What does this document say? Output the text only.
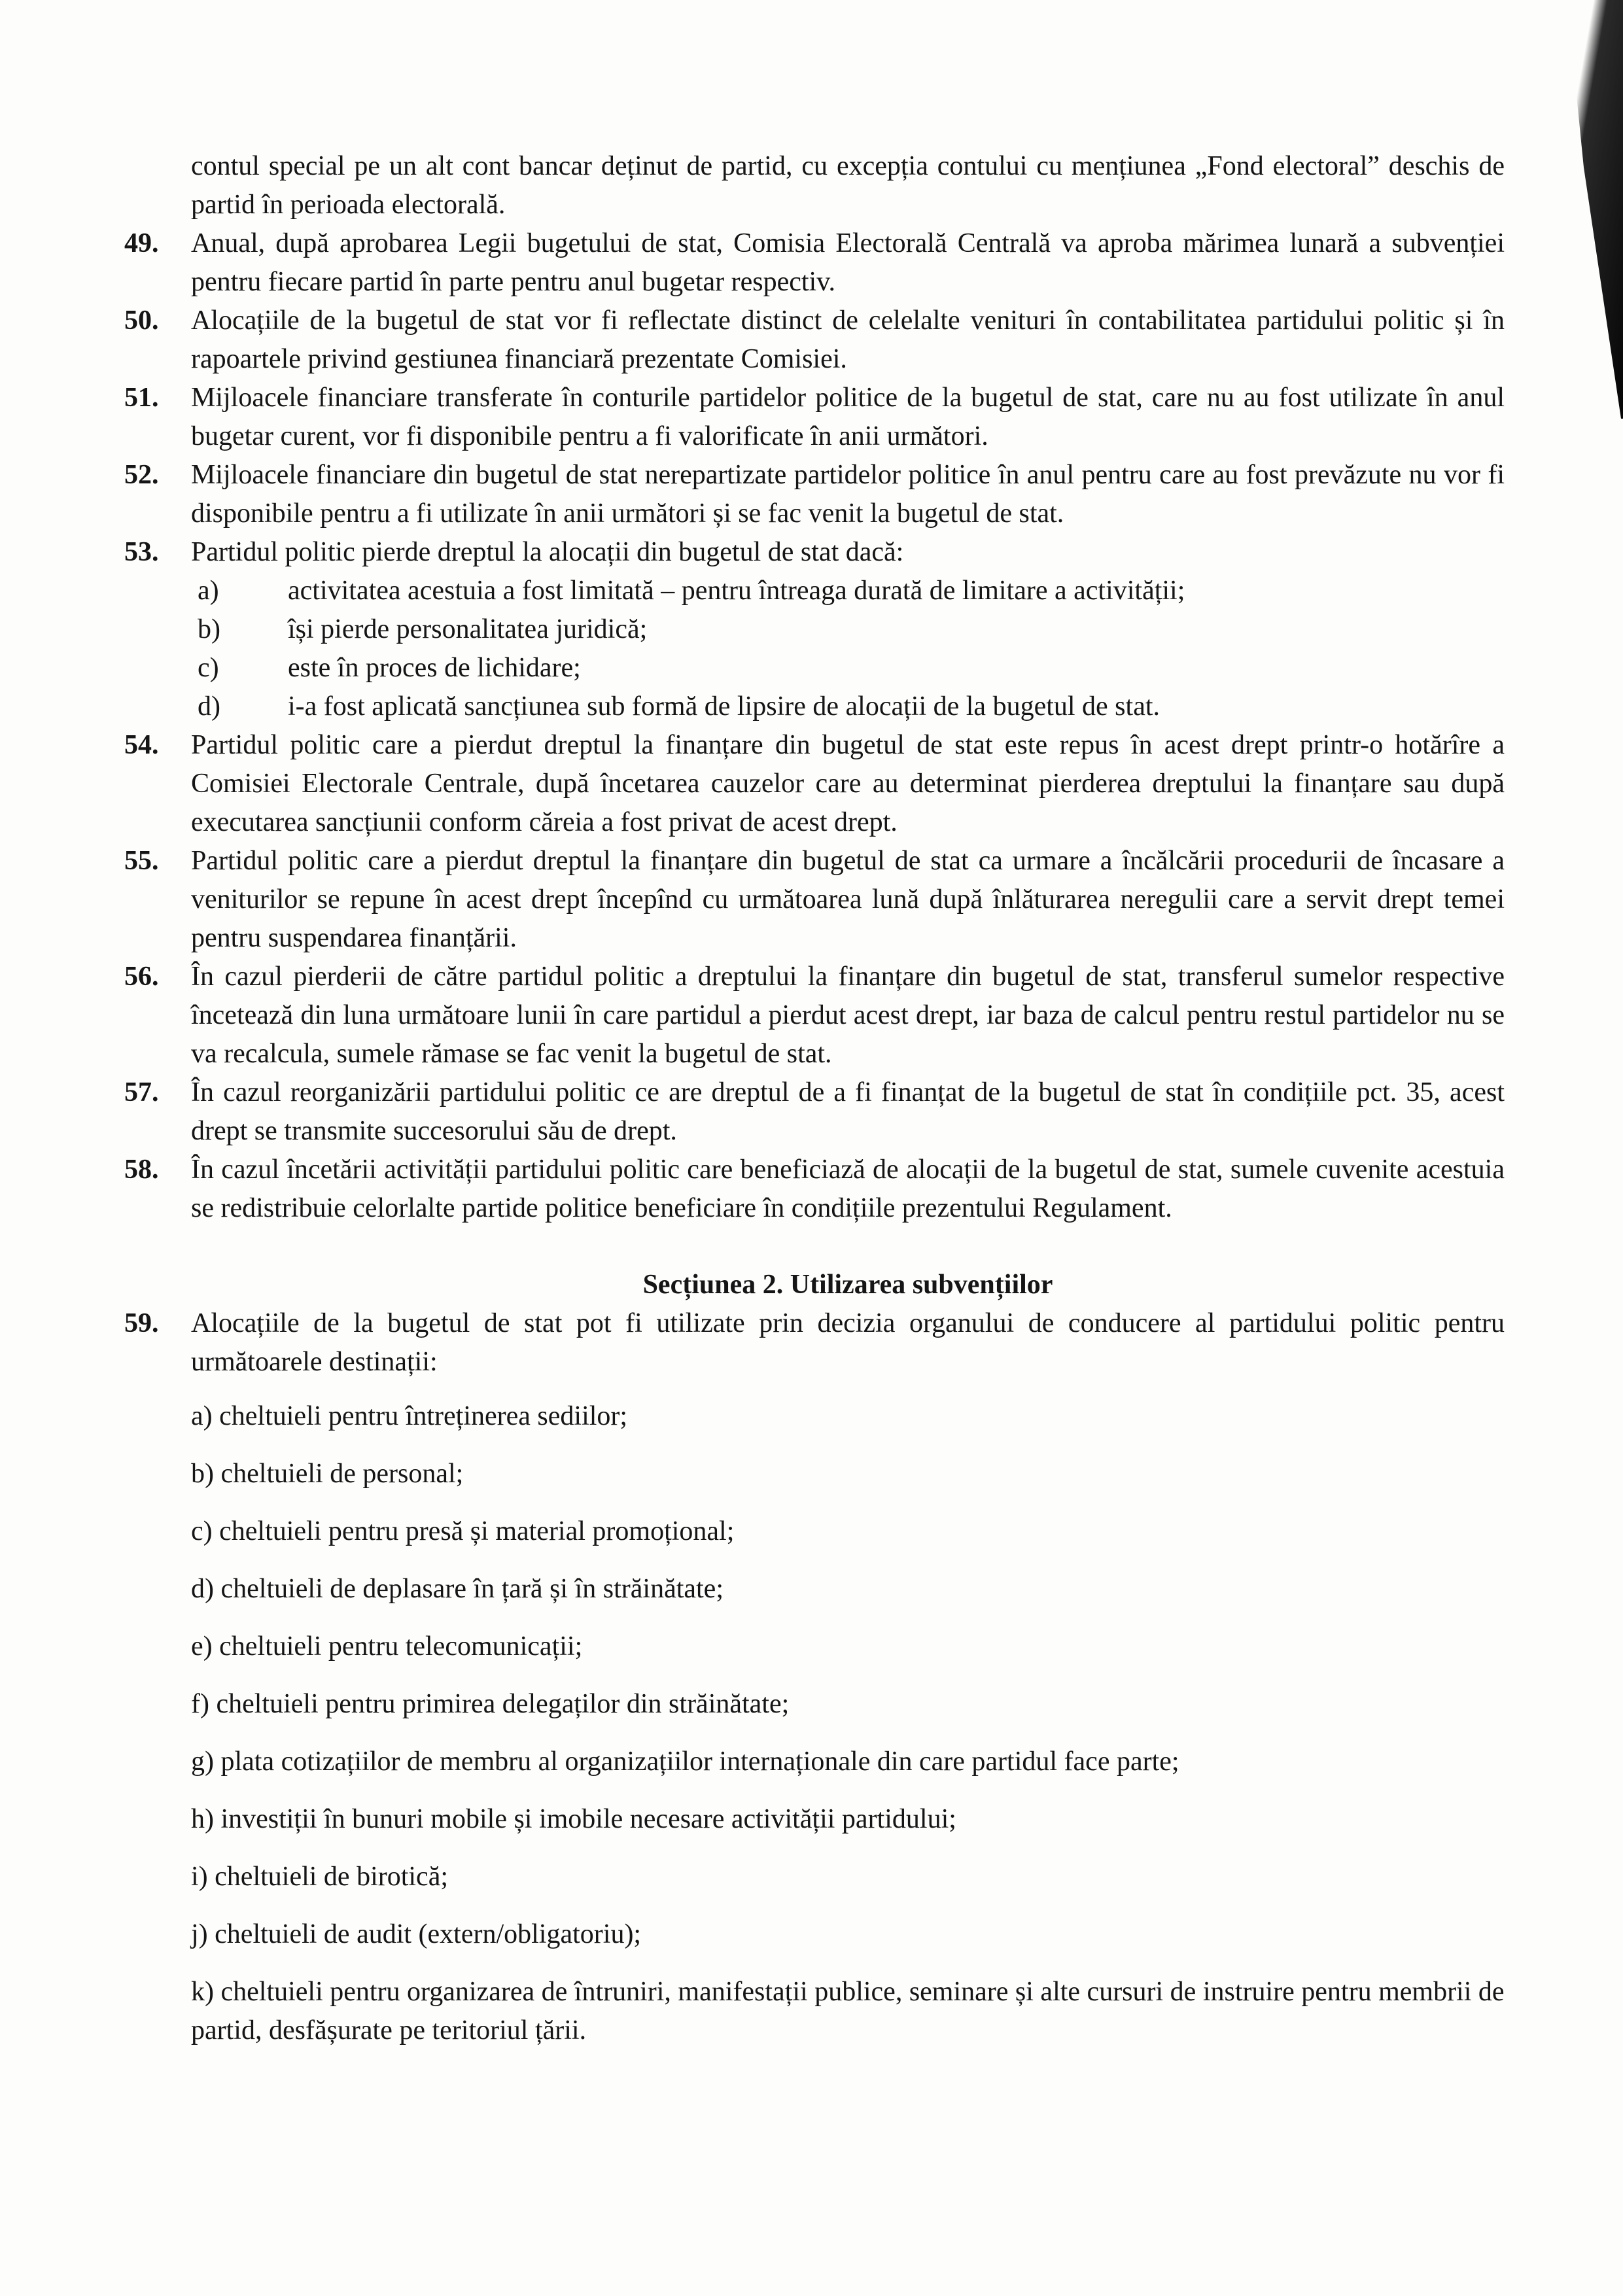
contul special pe un alt cont bancar deținut de partid, cu excepția contului cu mențiunea „Fond electoral” deschis de partid în perioada electorală.

49. Anual, după aprobarea Legii bugetului de stat, Comisia Electorală Centrală va aproba mărimea lunară a subvenției pentru fiecare partid în parte pentru anul bugetar respectiv.
50. Alocațiile de la bugetul de stat vor fi reflectate distinct de celelalte venituri în contabilitatea partidului politic și în rapoartele privind gestiunea financiară prezentate Comisiei.
51. Mijloacele financiare transferate în conturile partidelor politice de la bugetul de stat, care nu au fost utilizate în anul bugetar curent, vor fi disponibile pentru a fi valorificate în anii următori.
52. Mijloacele financiare din bugetul de stat nerepartizate partidelor politice în anul pentru care au fost prevăzute nu vor fi disponibile pentru a fi utilizate în anii următori și se fac venit la bugetul de stat.
53. Partidul politic pierde dreptul la alocații din bugetul de stat dacă:
a)	activitatea acestuia a fost limitată – pentru întreaga durată de limitare a activității;
b) își pierde personalitatea juridică;
c)	este în proces de lichidare;
d) i-a fost aplicată sancțiunea sub formă de lipsire de alocații de la bugetul de stat.
54. Partidul politic care a pierdut dreptul la finanțare din bugetul de stat este repus în acest drept printr-o hotărîre a Comisiei Electorale Centrale, după încetarea cauzelor care au determinat pierderea dreptului la finanțare sau după executarea sancțiunii conform căreia a fost privat de acest drept.
55. Partidul politic care a pierdut dreptul la finanțare din bugetul de stat ca urmare a încălcării procedurii de încasare a veniturilor se repune în acest drept începînd cu următoarea lună după înlăturarea neregulii care a servit drept temei pentru suspendarea finanțării.
56. În cazul pierderii de către partidul politic a dreptului la finanțare din bugetul de stat, transferul sumelor respective încetează din luna următoare lunii în care partidul a pierdut acest drept, iar baza de calcul pentru restul partidelor nu se va recalcula, sumele rămase se fac venit la bugetul de stat.
57. În cazul reorganizării partidului politic ce are dreptul de a fi finanțat de la bugetul de stat în condițiile pct. 35, acest drept se transmite succesorului său de drept.
58. În cazul încetării activității partidului politic care beneficiază de alocații de la bugetul de stat, sumele cuvenite acestuia se redistribuie celorlalte partide politice beneficiare în condițiile prezentului Regulament.
Secțiunea 2. Utilizarea subvențiilor
59. Alocațiile de la bugetul de stat pot fi utilizate prin decizia organului de conducere al partidului politic pentru următoarele destinații:
a) cheltuieli pentru întreținerea sediilor;
b) cheltuieli de personal;
c) cheltuieli pentru presă și material promoțional;
d) cheltuieli de deplasare în țară și în străinătate;
e) cheltuieli pentru telecomunicații;
f) cheltuieli pentru primirea delegaților din străinătate;
g) plata cotizațiilor de membru al organizațiilor internaționale din care partidul face parte;
h) investiții în bunuri mobile și imobile necesare activității partidului;
i) cheltuieli de birotică;
j) cheltuieli de audit (extern/obligatoriu);
k) cheltuieli pentru organizarea de întruniri, manifestații publice, seminare și alte cursuri de instruire pentru membrii de partid, desfășurate pe teritoriul țării.
